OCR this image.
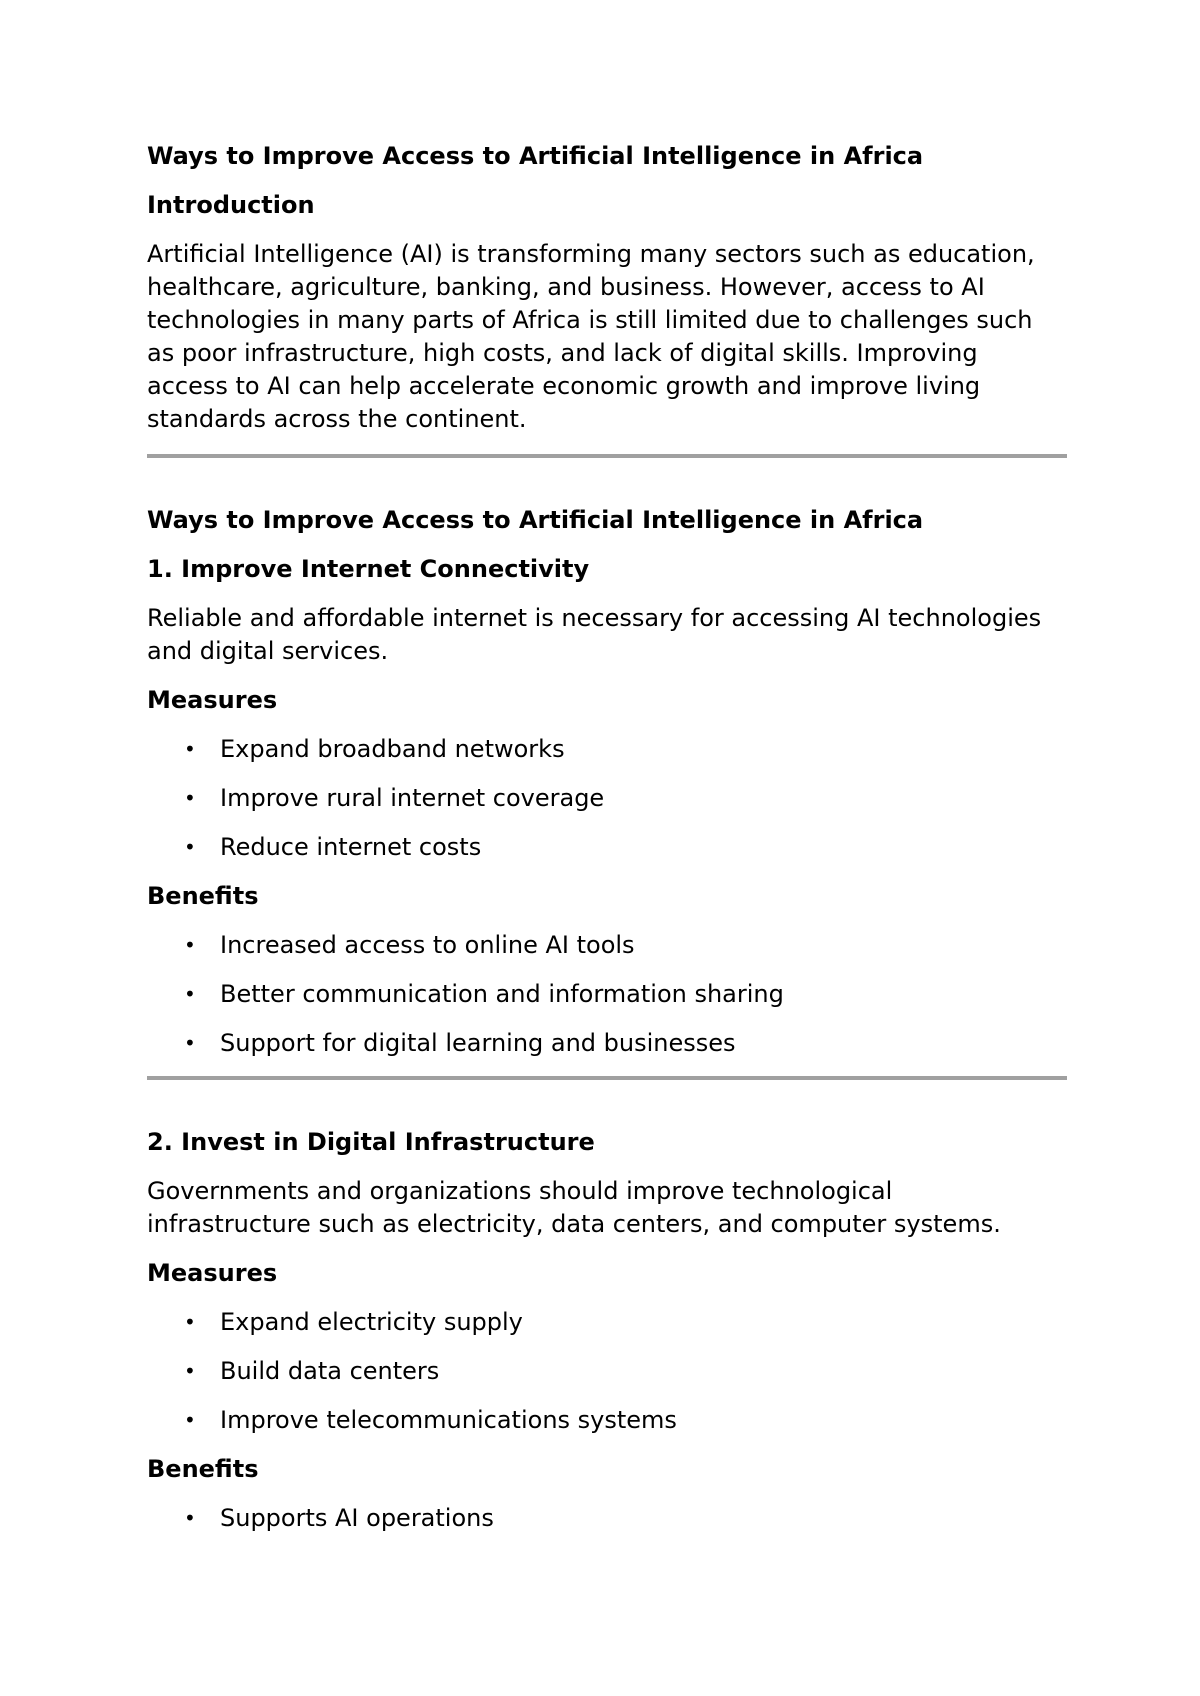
Ways to Improve Access to Artificial Intelligence in Africa
Introduction
Artificial Intelligence (AI) is transforming many sectors such as education,
healthcare, agriculture, banking, and business. However, access to AI
technologies in many parts of Africa is still limited due to challenges such
as poor infrastructure, high costs, and lack of digital skills. Improving
access to AI can help accelerate economic growth and improve living
standards across the continent.
Ways to Improve Access to Artificial Intelligence in Africa
1. Improve Internet Connectivity
Reliable and affordable internet is necessary for accessing AI technologies
and digital services.
Measures
• Expand broadband networks
• Improve rural internet coverage
• Reduce internet costs
Benefits
• Increased access to online AI tools
• Better communication and information sharing
• Support for digital learning and businesses
2. Invest in Digital Infrastructure
Governments and organizations should improve technological
infrastructure such as electricity, data centers, and computer systems.
Measures
• Expand electricity supply
• Build data centers
• Improve telecommunications systems
Benefits
• Supports AI operations
